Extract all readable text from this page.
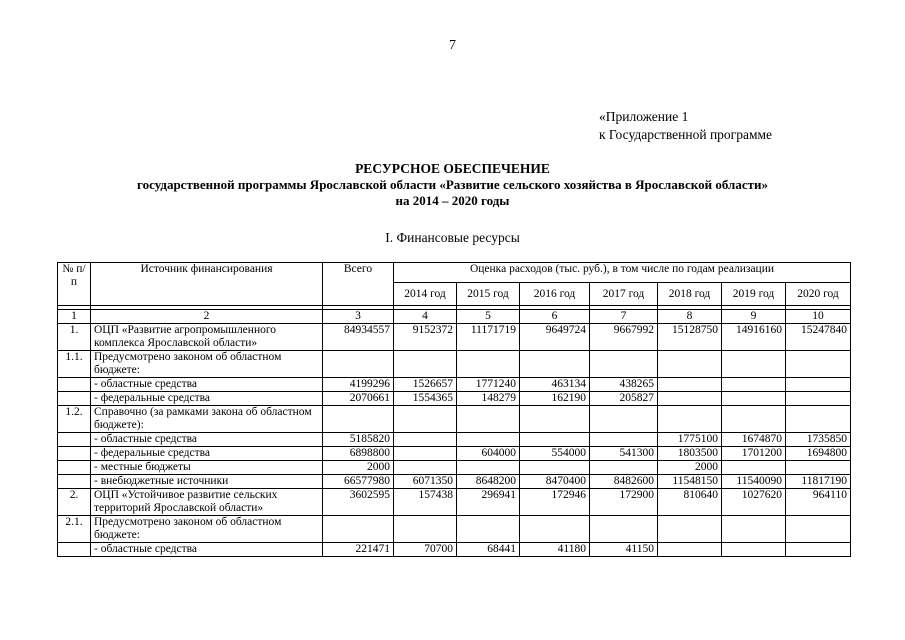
7
«Приложение 1
к Государственной программе
РЕСУРСНОЕ ОБЕСПЕЧЕНИЕ
государственной программы Ярославской области «Развитие сельского хозяйства в Ярославской области»
на 2014 – 2020 годы
I. Финансовые ресурсы
№ п/п	Источник финансирования	Всего	Оценка расходов (тыс. руб.), в том числе по годам реализации						
			2014 год	2015 год	2016 год	2017 год	2018 год	2019 год	2020 год

1	2	3	4	5	6	7	8	9	10
1.	ОЦП «Развитие агропромышленного комплекса Ярославской области»	84934557	9152372	11171719	9649724	9667992	15128750	14916160	15247840
1.1.	Предусмотрено законом об областном бюджете:								
	- областные средства	4199296	1526657	1771240	463134	438265			
	- федеральные средства	2070661	1554365	148279	162190	205827			
1.2.	Справочно (за рамками закона об областном бюджете):								
	- областные средства	5185820					1775100	1674870	1735850
	- федеральные средства	6898800		604000	554000	541300	1803500	1701200	1694800
	- местные бюджеты	2000					2000		
	- внебюджетные источники	66577980	6071350	8648200	8470400	8482600	11548150	11540090	11817190
2.	ОЦП «Устойчивое развитие сельских территорий Ярославской области»	3602595	157438	296941	172946	172900	810640	1027620	964110
2.1.	Предусмотрено законом об областном бюджете:								
	- областные средства	221471	70700	68441	41180	41150			
